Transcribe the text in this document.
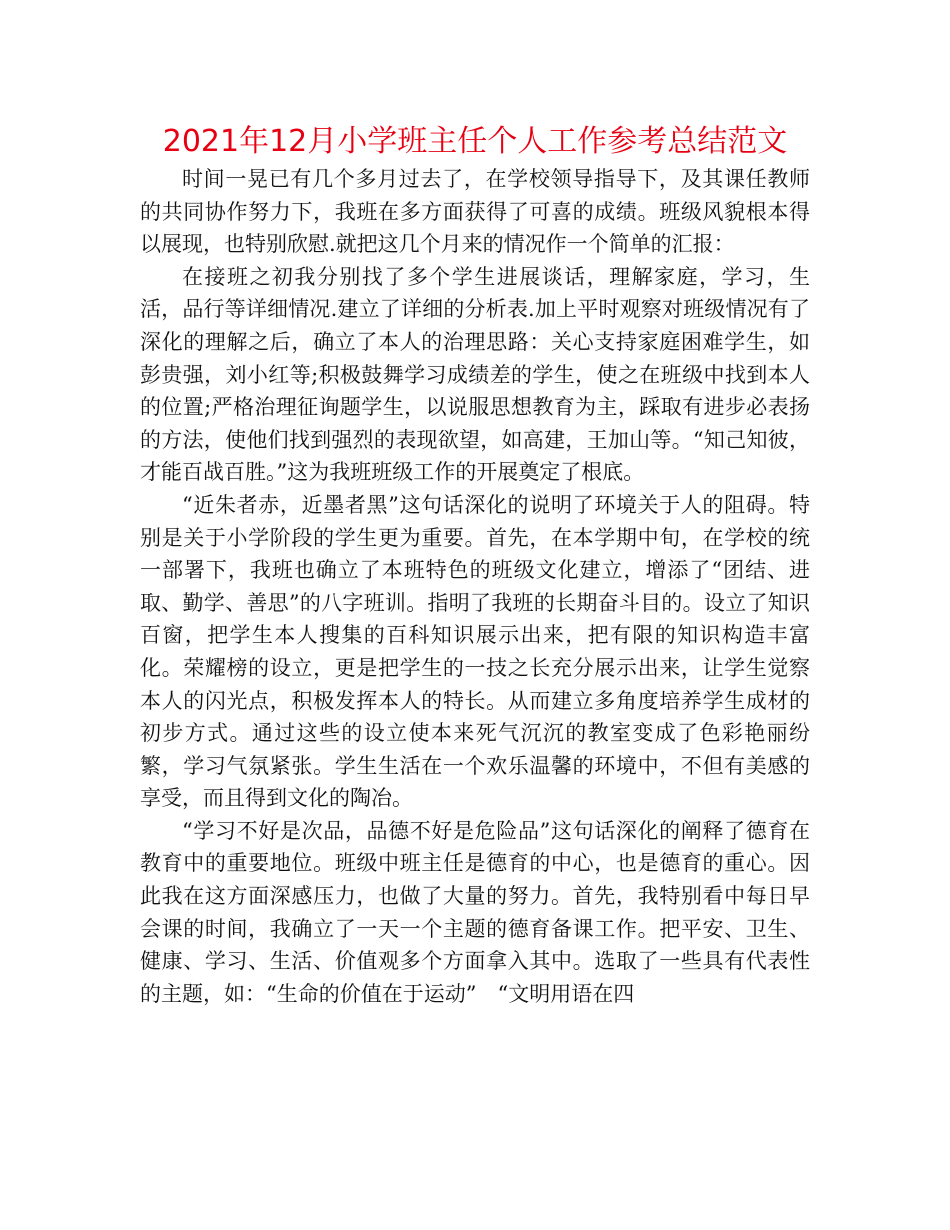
2021年12月小学班主任个人工作参考总结范文

时间一晃已有几个多月过去了，在学校领导指导下，及其课任教师的共同协作努力下，我班在多方面获得了可喜的成绩。班级风貌根本得以展现，也特别欣慰.就把这几个月来的情况作一个简单的汇报：

在接班之初我分别找了多个学生进展谈话，理解家庭，学习，生活，品行等详细情况.建立了详细的分析表.加上平时观察对班级情况有了深化的理解之后，确立了本人的治理思路：关心支持家庭困难学生，如彭贵强，刘小红等;积极鼓舞学习成绩差的学生，使之在班级中找到本人的位置;严格治理征询题学生，以说服思想教育为主，踩取有进步必表扬的方法，使他们找到强烈的表现欲望，如高建，王加山等。“知己知彼，才能百战百胜。”这为我班班级工作的开展奠定了根底。

“近朱者赤，近墨者黑”这句话深化的说明了环境关于人的阻碍。特别是关于小学阶段的学生更为重要。首先，在本学期中旬，在学校的统一部署下，我班也确立了本班特色的班级文化建立，增添了“团结、进取、勤学、善思”的八字班训。指明了我班的长期奋斗目的。设立了知识百窗，把学生本人搜集的百科知识展示出来，把有限的知识构造丰富化。荣耀榜的设立，更是把学生的一技之长充分展示出来，让学生觉察本人的闪光点，积极发挥本人的特长。从而建立多角度培养学生成材的初步方式。通过这些的设立使本来死气沉沉的教室变成了色彩艳丽纷繁，学习气氛紧张。学生生活在一个欢乐温馨的环境中，不但有美感的享受，而且得到文化的陶冶。

“学习不好是次品，品德不好是危险品”这句话深化的阐释了德育在教育中的重要地位。班级中班主任是德育的中心，也是德育的重心。因此我在这方面深感压力，也做了大量的努力。首先，我特别看中每日早会课的时间，我确立了一天一个主题的德育备课工作。把平安、卫生、健康、学习、生活、价值观多个方面拿入其中。选取了一些具有代表性的主题，如：“生命的价值在于运动”　“文明用语在四
